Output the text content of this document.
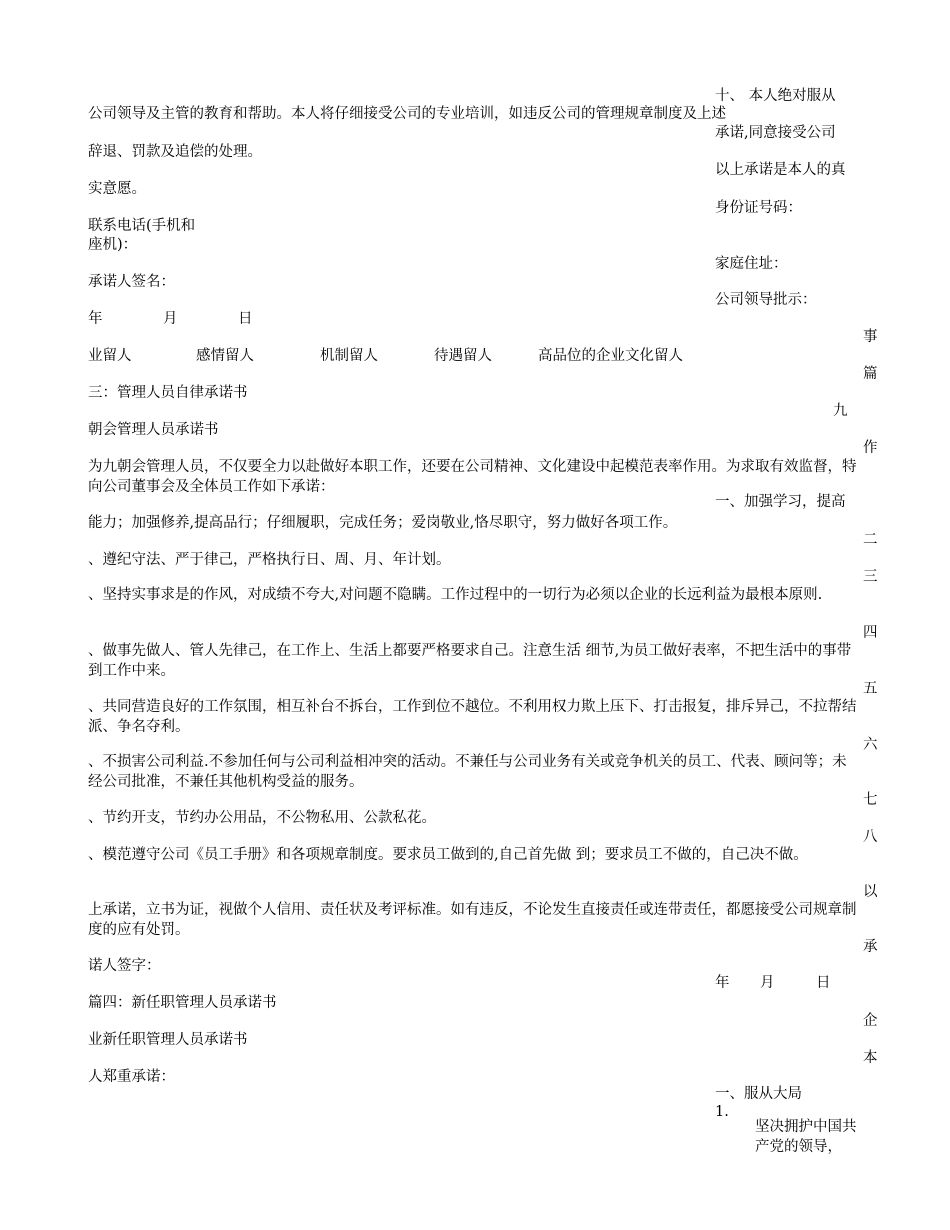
十、 本人绝对服从

承诺,同意接受公司

以上承诺是本人的真

身份证号码：

家庭住址：

公司领导批示：

一、加强学习，提高

年 月	日

一、服从大局

1.

坚决拥护中国共产党的领导，

事

篇

九

作

二

三

四

五

六

七

八

以

承

企

本

公司领导及主管的教育和帮助。本人将仔细接受公司的专业培训，如违反公司的管理规章制度及上述

辞退、罚款及追偿的处理。

实意愿。

联系电话(手机和

座机)：

承诺人签名：

年	月	日

业留人	感情留人	机制留人	待遇留人	高品位的企业文化留人

三：管理人员自律承诺书

朝会管理人员承诺书

为九朝会管理人员，不仅要全力以赴做好本职工作，还要在公司精神、文化建设中起模范表率作用。为求取有效监督，特向公司董事会及全体员工作如下承诺：

能力；加强修养,提高品行；仔细履职，完成任务；爱岗敬业,恪尽职守，努力做好各项工作。

、遵纪守法、严于律己，严格执行日、周、月、年计划。

、坚持实事求是的作风，对成绩不夸大,对问题不隐瞒。工作过程中的一切行为必须以企业的长远利益为最根本原则.

、做事先做人、管人先律己，在工作上、生活上都要严格要求自己。注意生活 细节,为员工做好表率，不把生活中的事带到工作中来。

、共同营造良好的工作氛围，相互补台不拆台，工作到位不越位。不利用权力欺上压下、打击报复，排斥异己，不拉帮结派、争名夺利。

、不损害公司利益.不参加任何与公司利益相冲突的活动。不兼任与公司业务有关或竞争机关的员工、代表、顾问等；未经公司批准，不兼任其他机构受益的服务。

、节约开支，节约办公用品，不公物私用、公款私花。

、模范遵守公司《员工手册》和各项规章制度。要求员工做到的,自己首先做 到；要求员工不做的，自己决不做。

上承诺，立书为证，视做个人信用、责任状及考评标准。如有违反，不论发生直接责任或连带责任，都愿接受公司规章制度的应有处罚。

诺人签字：

篇四：新任职管理人员承诺书

业新任职管理人员承诺书

人郑重承诺：
